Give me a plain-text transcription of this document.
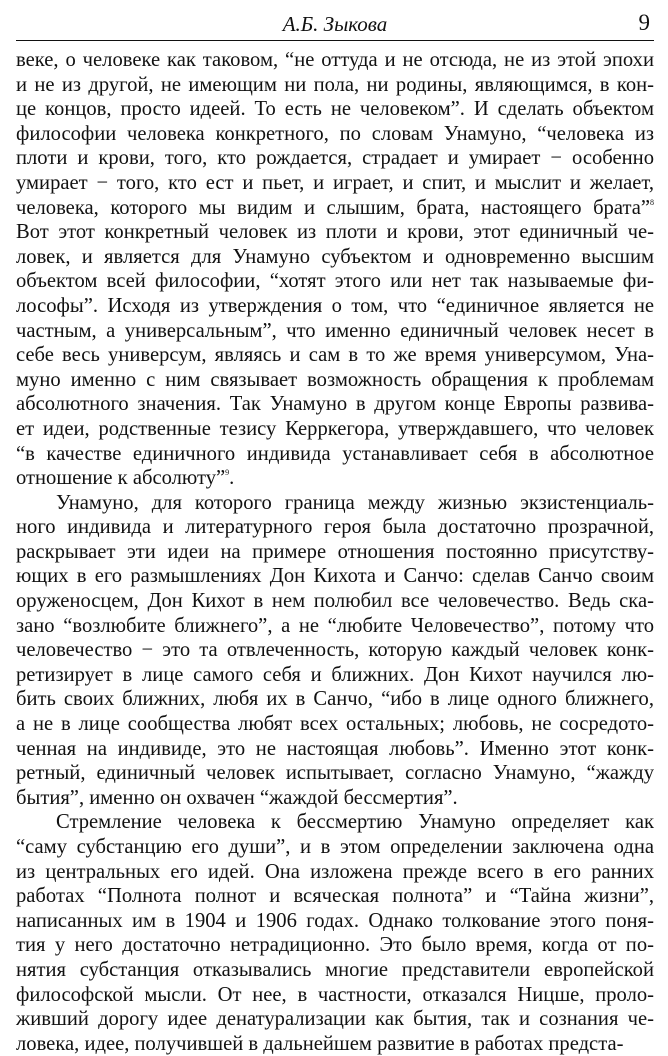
А.Б. Зыкова	9

веке, о человеке как таковом, “не оттуда и не отсюда, не из этой эпохи
и не из другой, не имеющим ни пола, ни родины, являющимся, в кон-
це концов, просто идеей. То есть не человеком”. И сделать объектом
философии человека конкретного, по словам Унамуно, “человека из
плоти и крови, того, кто рождается, страдает и умирает − особенно
умирает − того, кто ест и пьет, и играет, и спит, и мыслит и желает,
человека, которого мы видим и слышим, брата, настоящего брата”$^8$
Вот этот конкретный человек из плоти и крови, этот единичный че-
ловек, и является для Унамуно субъектом и одновременно высшим
объектом всей философии, “хотят этого или нет так называемые фи-
лософы”. Исходя из утверждения о том, что “единичное является не
частным, а универсальным”, что именно единичный человек несет в
себе весь универсум, являясь и сам в то же время универсумом, Уна-
муно именно с ним связывает возможность обращения к проблемам
абсолютного значения. Так Унамуно в другом конце Европы развива-
ет идеи, родственные тезису Керркегора, утверждавшего, что человек
“в качестве единичного индивида устанавливает себя в абсолютное
отношение к абсолюту”$^9$.

Унамуно, для которого граница между жизнью экзистенциаль-
ного индивида и литературного героя была достаточно прозрачной,
раскрывает эти идеи на примере отношения постоянно присутству-
ющих в его размышлениях Дон Кихота и Санчо: сделав Санчо своим
оруженосцем, Дон Кихот в нем полюбил все человечество. Ведь ска-
зано “возлюбите ближнего”, а не “любите Человечество”, потому что
человечество − это та отвлеченность, которую каждый человек конк-
ретизирует в лице самого себя и ближних. Дон Кихот научился лю-
бить своих ближних, любя их в Санчо, “ибо в лице одного ближнего,
а не в лице сообщества любят всех остальных; любовь, не сосредото-
ченная на индивиде, это не настоящая любовь”. Именно этот конк-
ретный, единичный человек испытывает, согласно Унамуно, “жажду
бытия”, именно он охвачен “жаждой бессмертия”.

Стремление человека к бессмертию Унамуно определяет как
“саму субстанцию его души”, и в этом определении заключена одна
из центральных его идей. Она изложена прежде всего в его ранних
работах “Полнота полнот и всяческая полнота” и “Тайна жизни”,
написанных им в 1904 и 1906 годах. Однако толкование этого поня-
тия у него достаточно нетрадиционно. Это было время, когда от по-
нятия субстанция отказывались многие представители европейской
философской мысли. От нее, в частности, отказался Ницше, проло-
живший дорогу идее денатурализации как бытия, так и сознания че-
ловека, идее, получившей в дальнейшем развитие в работах предста-
